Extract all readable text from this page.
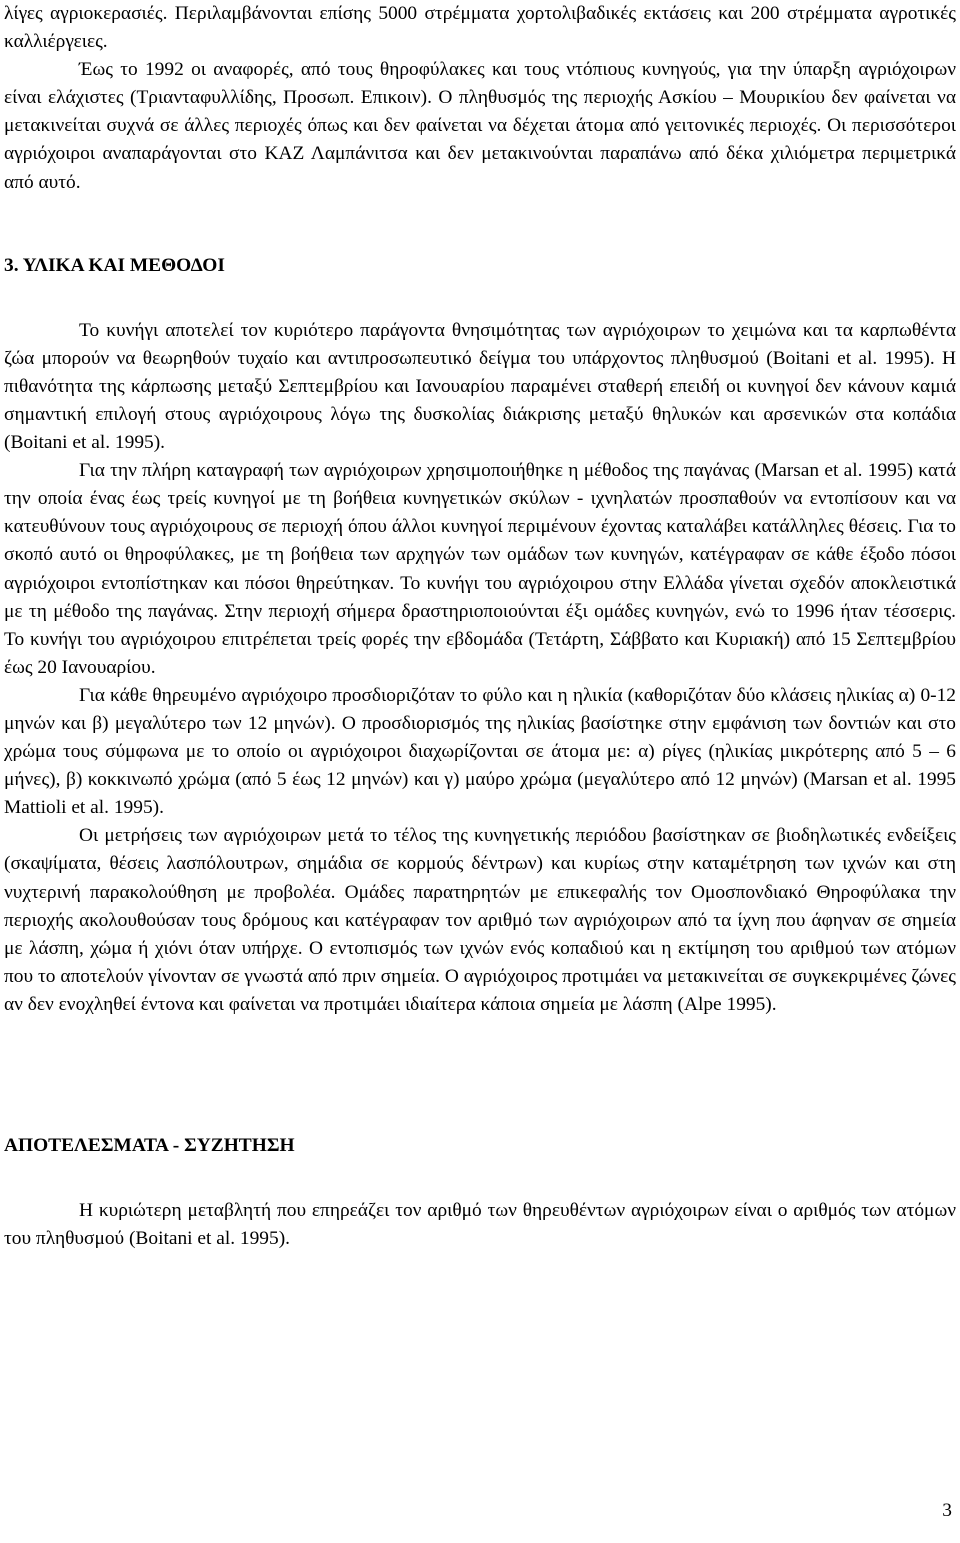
λίγες αγριοκερασιές. Περιλαμβάνονται επίσης 5000 στρέμματα χορτολιβαδικές εκτάσεις και 200 στρέμματα αγροτικές καλλιέργειες.

Έως το 1992 οι αναφορές, από τους θηροφύλακες και τους ντόπιους κυνηγούς, για την ύπαρξη αγριόχοιρων είναι ελάχιστες (Τριανταφυλλίδης, Προσωπ. Επικοιν). Ο πληθυσμός της περιοχής Ασκίου – Μουρικίου δεν φαίνεται να μετακινείται συχνά σε άλλες περιοχές όπως και δεν φαίνεται να δέχεται άτομα από γειτονικές περιοχές. Οι περισσότεροι αγριόχοιροι αναπαράγονται στο ΚΑΖ Λαμπάνιτσα και δεν μετακινούνται παραπάνω από δέκα χιλιόμετρα περιμετρικά από αυτό.

3. ΥΛΙΚΑ ΚΑΙ ΜΕΘΟΔΟΙ

Το κυνήγι αποτελεί τον κυριότερο παράγοντα θνησιμότητας των αγριόχοιρων το χειμώνα και τα καρπωθέντα ζώα μπορούν να θεωρηθούν τυχαίο και αντιπροσωπευτικό δείγμα του υπάρχοντος πληθυσμού (Boitani et al. 1995). Η πιθανότητα της κάρπωσης μεταξύ Σεπτεμβρίου και Ιανουαρίου παραμένει σταθερή επειδή οι κυνηγοί δεν κάνουν καμιά σημαντική επιλογή στους αγριόχοιρους λόγω της δυσκολίας διάκρισης μεταξύ θηλυκών και αρσενικών στα κοπάδια (Boitani et al. 1995).

Για την πλήρη καταγραφή των αγριόχοιρων χρησιμοποιήθηκε η μέθοδος της παγάνας (Marsan et al. 1995) κατά την οποία ένας έως τρείς κυνηγοί με τη βοήθεια κυνηγετικών σκύλων - ιχνηλατών προσπαθούν να εντοπίσουν και να κατευθύνουν τους αγριόχοιρους σε περιοχή όπου άλλοι κυνηγοί περιμένουν έχοντας καταλάβει κατάλληλες θέσεις. Για το σκοπό αυτό οι θηροφύλακες, με τη βοήθεια των αρχηγών των ομάδων των κυνηγών, κατέγραφαν σε κάθε έξοδο πόσοι αγριόχοιροι εντοπίστηκαν και πόσοι θηρεύτηκαν. Το κυνήγι του αγριόχοιρου στην Ελλάδα γίνεται σχεδόν αποκλειστικά με τη μέθοδο της παγάνας. Στην περιοχή σήμερα δραστηριοποιούνται έξι ομάδες κυνηγών, ενώ το 1996 ήταν τέσσερις. Το κυνήγι του αγριόχοιρου επιτρέπεται τρείς φορές την εβδομάδα (Τετάρτη, Σάββατο και Κυριακή) από 15 Σεπτεμβρίου έως 20 Ιανουαρίου.

Για κάθε θηρευμένο αγριόχοιρο προσδιοριζόταν το φύλο και η ηλικία (καθοριζόταν δύο κλάσεις ηλικίας α) 0-12 μηνών και β) μεγαλύτερο των 12 μηνών). Ο προσδιορισμός της ηλικίας βασίστηκε στην εμφάνιση των δοντιών και στο χρώμα τους σύμφωνα με το οποίο οι αγριόχοιροι διαχωρίζονται σε άτομα με: α) ρίγες (ηλικίας μικρότερης από 5 – 6 μήνες), β) κοκκινωπό χρώμα (από 5 έως 12 μηνών) και γ) μαύρο χρώμα (μεγαλύτερο από 12 μηνών) (Marsan et al. 1995 Mattioli et al. 1995).

Οι μετρήσεις των αγριόχοιρων μετά το τέλος της κυνηγετικής περιόδου βασίστηκαν σε βιοδηλωτικές ενδείξεις (σκαψίματα, θέσεις λασπόλουτρων, σημάδια σε κορμούς δέντρων) και κυρίως στην καταμέτρηση των ιχνών και στη νυχτερινή παρακολούθηση με προβολέα. Ομάδες παρατηρητών με επικεφαλής τον Ομοσπονδιακό Θηροφύλακα την περιοχής ακολουθούσαν τους δρόμους και κατέγραφαν τον αριθμό των αγριόχοιρων από τα ίχνη που άφηναν σε σημεία με λάσπη, χώμα ή χιόνι όταν υπήρχε. Ο εντοπισμός των ιχνών ενός κοπαδιού και η εκτίμηση του αριθμού των ατόμων που το αποτελούν γίνονταν σε γνωστά από πριν σημεία. Ο αγριόχοιρος προτιμάει να μετακινείται σε συγκεκριμένες ζώνες αν δεν ενοχληθεί έντονα και φαίνεται να προτιμάει ιδιαίτερα κάποια σημεία με λάσπη (Alpe 1995).

ΑΠΟΤΕΛΕΣΜΑΤΑ - ΣΥΖΗΤΗΣΗ

Η κυριώτερη μεταβλητή που επηρεάζει τον αριθμό των θηρευθέντων αγριόχοιρων είναι ο αριθμός των ατόμων του πληθυσμού (Boitani et al. 1995).

3
